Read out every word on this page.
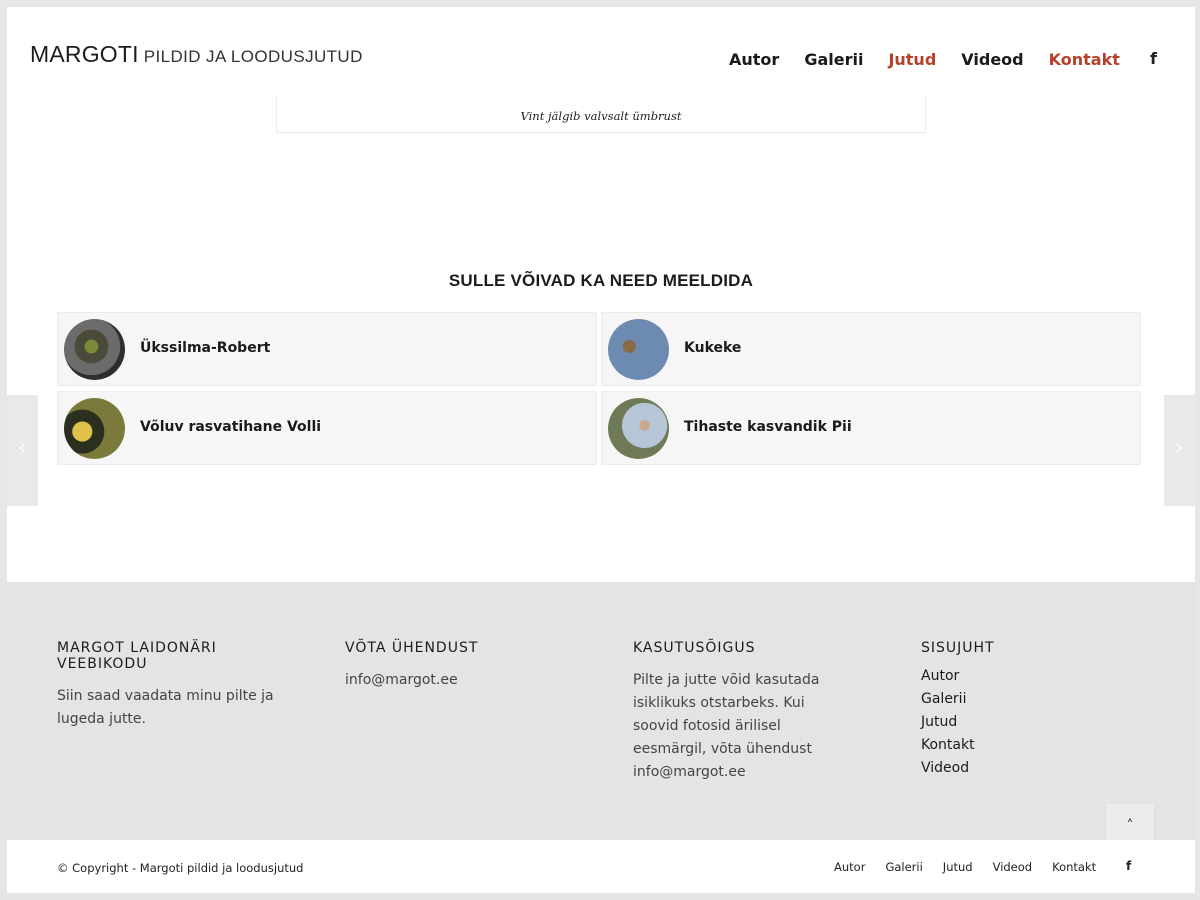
MARGOTI PILDID JA LOODUSJUTUD	Autor Galerii Jutud Videod Kontakt f
Vint jälgib valvsalt ümbrust
‹	›
SULLE VÕIVAD KA NEED MEELDIDA
Ükssilma-Robert	Kukeke
Võluv rasvatihane Volli	Tihaste kasvandik Pii
MARGOT LAIDONÄRI VEEBIKODU

Siin saad vaadata minu pilte ja lugeda jutte.

VÕTA ÜHENDUST

info@margot.ee

KASUTUSÕIGUS

Pilte ja jutte võid kasutada isiklikuks otstarbeks. Kui soovid fotosid ärilisel eesmärgil, võta ühendust info@margot.ee

SISUJUHT
Autor
Galerii
Jutud
Kontakt
Videod
˄
© Copyright - Margoti pildid ja loodusjutud	Autor Galerii Jutud Videod Kontakt f
